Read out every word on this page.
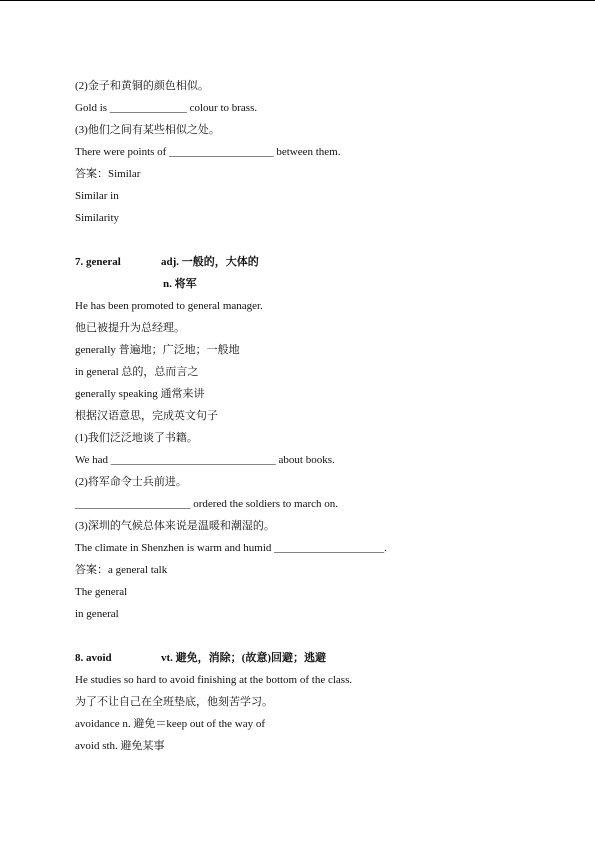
(2)金子和黄铜的颜色相似。
Gold is ______________ colour to brass.
(3)他们之间有某些相似之处。
There were points of ___________________ between them.
答案：Similar
Similar in
Similarity
7. general	adj. 一般的，大体的
n. 将军
He has been promoted to general manager.
他已被提升为总经理。
generally 普遍地；广泛地；一般地
in general 总的，总而言之
generally speaking 通常来讲
根据汉语意思，完成英文句子
(1)我们泛泛地谈了书籍。
We had ______________________________ about books.
(2)将军命令士兵前进。
_____________________ ordered the soldiers to march on.
(3)深圳的气候总体来说是温暖和潮湿的。
The climate in Shenzhen is warm and humid ____________________.
答案：a general talk
The general
in general
8. avoid	vt. 避免，消除；(故意)回避；逃避
He studies so hard to avoid finishing at the bottom of the class.
为了不让自己在全班垫底，他刻苦学习。
avoidance n. 避免＝keep out of the way of
avoid sth. 避免某事
